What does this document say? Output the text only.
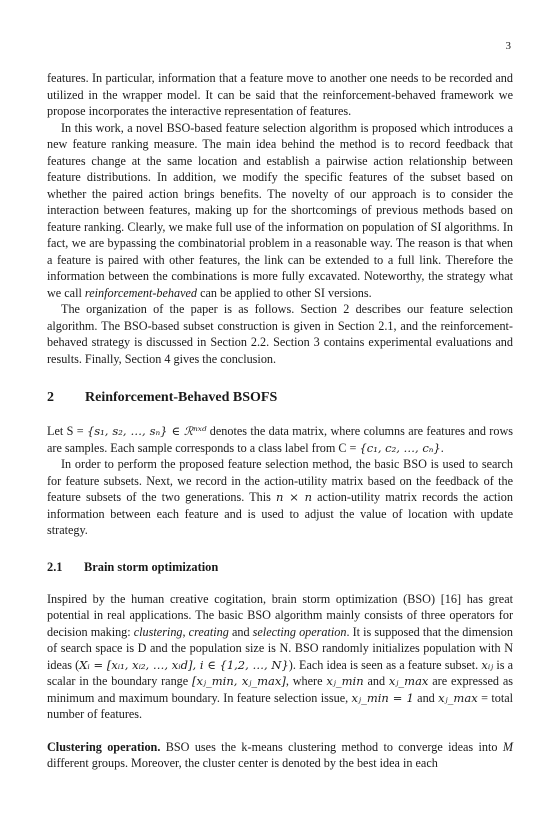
3

features. In particular, information that a feature move to another one needs to be recorded and utilized in the wrapper model. It can be said that the reinforcement-behaved framework we propose incorporates the interactive representation of features.

In this work, a novel BSO-based feature selection algorithm is proposed which introduces a new feature ranking measure. The main idea behind the method is to record feedback that features change at the same location and establish a pairwise action relationship between feature distributions. In addition, we modify the specific features of the subset based on whether the paired action brings benefits. The novelty of our approach is to consider the interaction between features, making up for the shortcomings of previous methods based on feature ranking. Clearly, we make full use of the information on population of SI algorithms. In fact, we are bypassing the combinatorial problem in a reasonable way. The reason is that when a feature is paired with other features, the link can be extended to a full link. Therefore the information between the combinations is more fully excavated. Noteworthy, the strategy what we call reinforcement-behaved can be applied to other SI versions.

The organization of the paper is as follows. Section 2 describes our feature selection algorithm. The BSO-based subset construction is given in Section 2.1, and the reinforcement-behaved strategy is discussed in Section 2.2. Section 3 contains experimental evaluations and results. Finally, Section 4 gives the conclusion.

2 Reinforcement-Behaved BSOFS

Let S = {s₁, s₂, …, sₙ} ∈ ℛⁿˣᵈ denotes the data matrix, where columns are features and rows are samples. Each sample corresponds to a class label from C = {c₁, c₂, …, cₙ}.

In order to perform the proposed feature selection method, the basic BSO is used to search for feature subsets. Next, we record in the action-utility matrix based on the feedback of the feature subsets of the two generations. This n × n action-utility matrix records the action information between each feature and is used to adjust the value of location with update strategy.

2.1 Brain storm optimization

Inspired by the human creative cogitation, brain storm optimization (BSO) [16] has great potential in real applications. The basic BSO algorithm mainly consists of three operators for decision making: clustering, creating and selecting operation. It is supposed that the dimension of search space is D and the population size is N. BSO randomly initializes population with N ideas (Xᵢ = [xᵢ₁, xᵢ₂, …, xᵢd], i ∈ {1,2, …, N}). Each idea is seen as a feature subset. xᵢⱼ is a scalar in the boundary range [xⱼ_min, xⱼ_max], where xⱼ_min and xⱼ_max are expressed as minimum and maximum boundary. In feature selection issue, xⱼ_min = 1 and xⱼ_max = total number of features.

Clustering operation. BSO uses the k-means clustering method to converge ideas into M different groups. Moreover, the cluster center is denoted by the best idea in each
